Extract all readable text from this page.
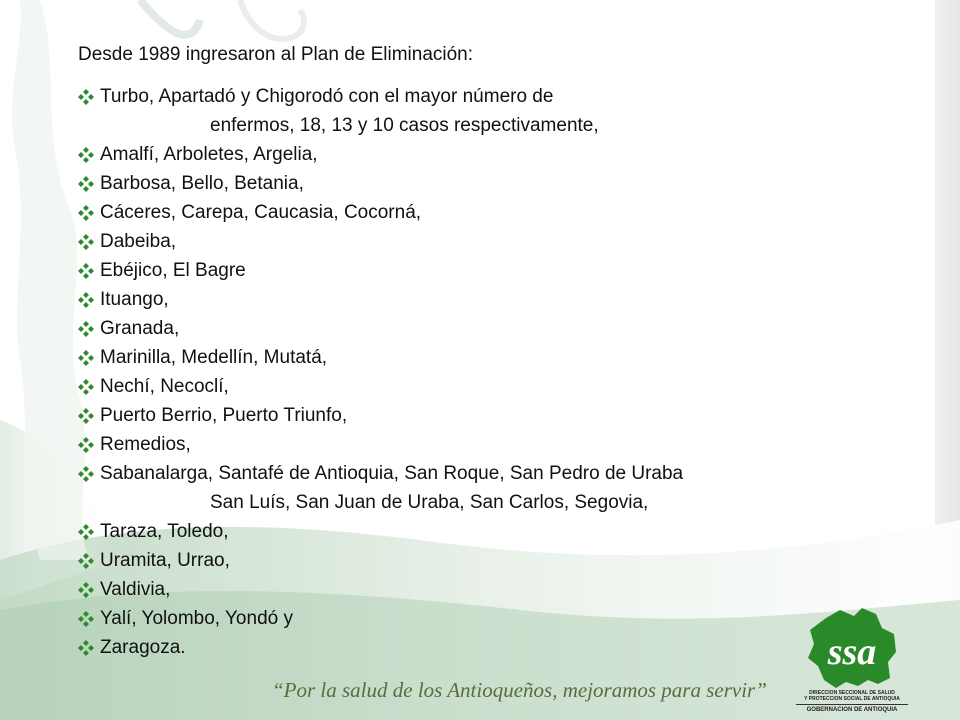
Desde 1989 ingresaron al Plan de Eliminación:
Turbo, Apartadó y Chigorodó con el mayor número de
enfermos, 18, 13 y 10 casos respectivamente,
Amalfí, Arboletes, Argelia,
Barbosa, Bello, Betania,
Cáceres, Carepa, Caucasia, Cocorná,
Dabeiba,
Ebéjico, El Bagre
Ituango,
Granada,
Marinilla, Medellín, Mutatá,
Nechí, Necoclí,
Puerto Berrio, Puerto Triunfo,
Remedios,
Sabanalarga, Santafé de Antioquia, San Roque, San Pedro de Uraba
San Luís, San Juan de Uraba, San Carlos, Segovia,
Taraza, Toledo,
Uramita, Urrao,
Valdivia,
Yalí, Yolombo, Yondó y
Zaragoza.
“Por la salud de los Antioqueños, mejoramos para servir”
ssa
DIRECCION SECCIONAL DE SALUD
Y PROTECCION SOCIAL DE ANTIOQUIA
GOBERNACION DE ANTIOQUIA
